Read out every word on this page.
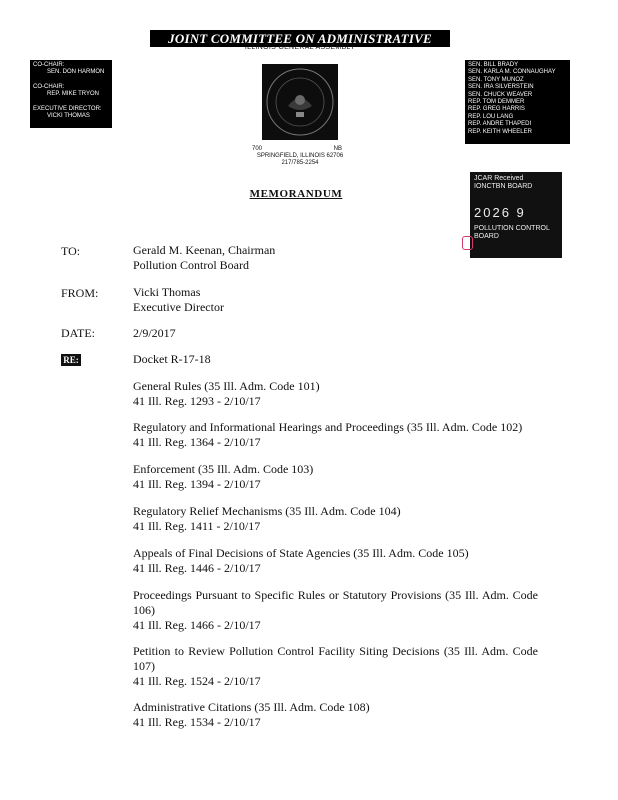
JOINT COMMITTEE ON ADMINISTRATIVE RULES
ILLINOIS GENERAL ASSEMBLY
CO-CHAIR:
SEN. DON HARMON
CO-CHAIR:
REP. MIKE TRYON
EXECUTIVE DIRECTOR:
VICKI THOMAS
SEN. BILL BRADY
SEN. KARLA M. CONNAUGHAY
SEN. TONY MUNOZ
SEN. IRA SILVERSTEIN
SEN. CHUCK WEAVER
REP. TOM DEMMER
REP. GREG HARRIS
REP. LOU LANG
REP. ANDRE THAPEDI
REP. KEITH WHEELER
700	NB
SPRINGFIELD, ILLINOIS 62706
217/785-2254
MEMORANDUM
JCAR Received
IONCTBN BOARD
2026 9
POLLUTION CONTROL
BOARD
TO:	Gerald M. Keenan, Chairman
Pollution Control Board
FROM:	Vicki Thomas
Executive Director
DATE:	2/9/2017
RE:	Docket R-17-18
General Rules (35 Ill. Adm. Code 101)
41 Ill. Reg. 1293 - 2/10/17
Regulatory and Informational Hearings and Proceedings (35 Ill. Adm. Code 102)
41 Ill. Reg. 1364 - 2/10/17
Enforcement (35 Ill. Adm. Code 103)
41 Ill. Reg. 1394 - 2/10/17
Regulatory Relief Mechanisms (35 Ill. Adm. Code 104)
41 Ill. Reg. 1411 - 2/10/17
Appeals of Final Decisions of State Agencies (35 Ill. Adm. Code 105)
41 Ill. Reg. 1446 - 2/10/17
Proceedings Pursuant to Specific Rules or Statutory Provisions (35 Ill. Adm. Code 106)
41 Ill. Reg. 1466 - 2/10/17
Petition to Review Pollution Control Facility Siting Decisions (35 Ill. Adm. Code 107)
41 Ill. Reg. 1524 - 2/10/17
Administrative Citations (35 Ill. Adm. Code 108)
41 Ill. Reg. 1534 - 2/10/17
